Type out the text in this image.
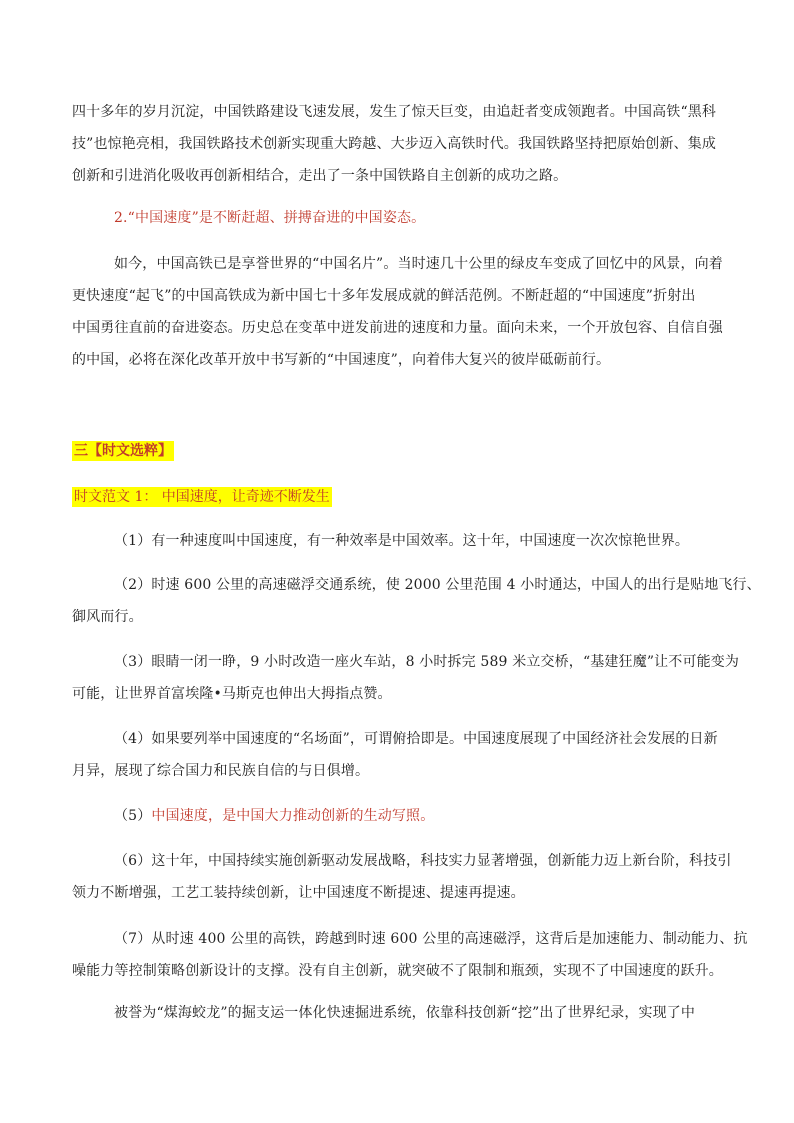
四十多年的岁月沉淀，中国铁路建设飞速发展，发生了惊天巨变，由追赶者变成领跑者。中国高铁“黑科
技”也惊艳亮相，我国铁路技术创新实现重大跨越、大步迈入高铁时代。我国铁路坚持把原始创新、集成
创新和引进消化吸收再创新相结合，走出了一条中国铁路自主创新的成功之路。
2.“中国速度”是不断赶超、拼搏奋进的中国姿态。
如今，中国高铁已是享誉世界的“中国名片”。当时速几十公里的绿皮车变成了回忆中的风景，向着
更快速度“起飞”的中国高铁成为新中国七十多年发展成就的鲜活范例。不断赶超的“中国速度”折射出
中国勇往直前的奋进姿态。历史总在变革中迸发前进的速度和力量。面向未来，一个开放包容、自信自强
的中国，必将在深化改革开放中书写新的“中国速度”，向着伟大复兴的彼岸砥砺前行。
三【时文选粹】
时文范文 1： 中国速度，让奇迹不断发生
（1）有一种速度叫中国速度，有一种效率是中国效率。这十年，中国速度一次次惊艳世界。
（2）时速 600 公里的高速磁浮交通系统，使 2000 公里范围 4 小时通达，中国人的出行是贴地飞行、
御风而行。
（3）眼睛一闭一睁，9 小时改造一座火车站，8 小时拆完 589 米立交桥，“基建狂魔”让不可能变为
可能，让世界首富埃隆•马斯克也伸出大拇指点赞。
（4）如果要列举中国速度的“名场面”，可谓俯拾即是。中国速度展现了中国经济社会发展的日新
月异，展现了综合国力和民族自信的与日俱增。
（5）中国速度，是中国大力推动创新的生动写照。
（6）这十年，中国持续实施创新驱动发展战略，科技实力显著增强，创新能力迈上新台阶，科技引
领力不断增强，工艺工装持续创新，让中国速度不断提速、提速再提速。
（7）从时速 400 公里的高铁，跨越到时速 600 公里的高速磁浮，这背后是加速能力、制动能力、抗
噪能力等控制策略创新设计的支撑。没有自主创新，就突破不了限制和瓶颈，实现不了中国速度的跃升。
被誉为“煤海蛟龙”的掘支运一体化快速掘进系统，依靠科技创新“挖”出了世界纪录，实现了中
